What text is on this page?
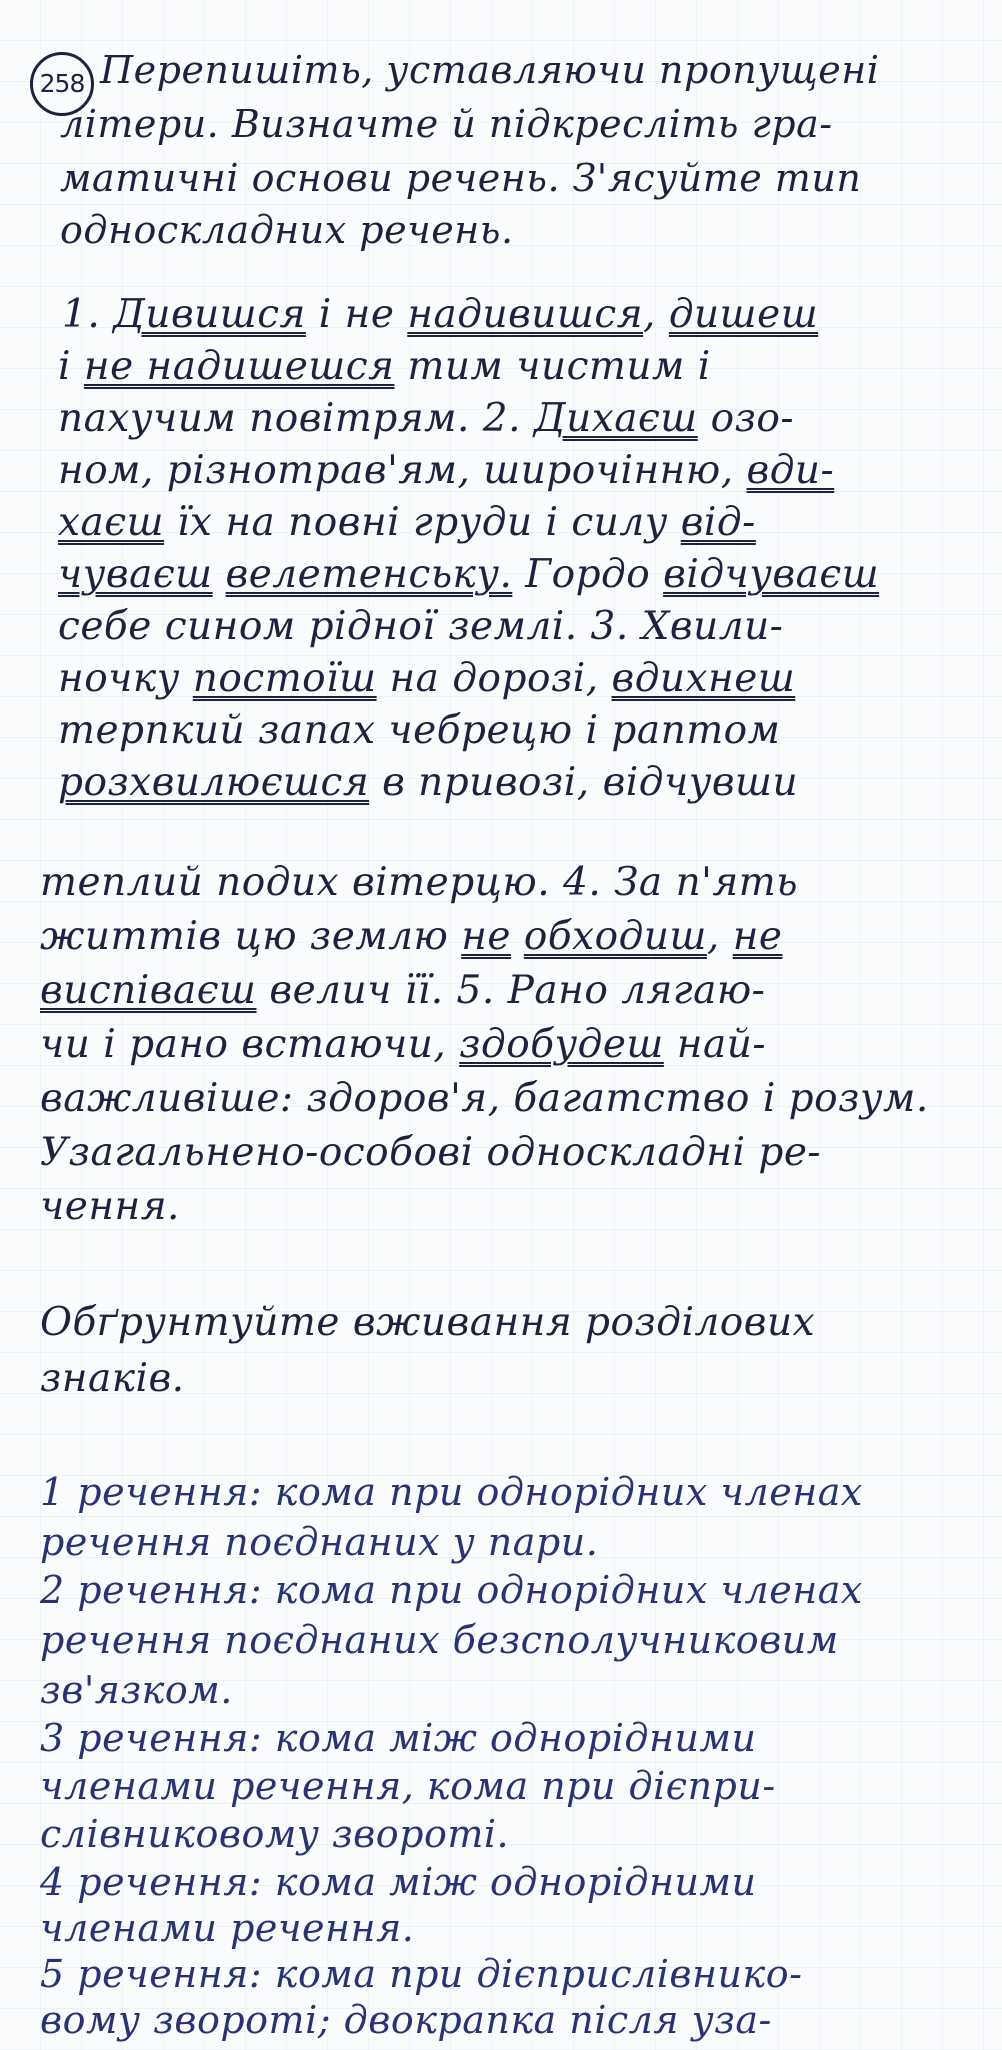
258 Перепишіть, уставляючи пропущені
літери. Визначте й підкресліть гра-
матичні основи речень. З'ясуйте тип
односкладних речень.
1. Дивишся і не надивишся, дишеш
і не надишешся тим чистим і
пахучим повітрям. 2. Дихаєш озо-
ном, різнотрав'ям, широчінню, вди-
хаєш їх на повні груди і силу від-
чуваєш велетенську. Гордо відчуваєш
себе сином рідної землі. 3. Хвили-
ночку постоїш на дорозі, вдихнеш
терпкий запах чебрецю і раптом
розхвилюєшся в привозі, відчувши
теплий подих вітерцю. 4. За п'ять
життів цю землю не обходиш, не
виспіваєш велич її. 5. Рано лягаю-
чи і рано встаючи, здобудеш най-
важливіше: здоров'я, багатство і розум.
Узагальнено-особові односкладні ре-
чення.
Обґрунтуйте вживання розділових
знаків.
1 речення: кома при однорідних членах
речення поєднаних у пари.
2 речення: кома при однорідних членах
речення поєднаних безсполучниковим
зв'язком.
3 речення: кома між однорідними
членами речення, кома при дієпри-
слівниковому звороті.
4 речення: кома між однорідними
членами речення.
5 речення: кома при дієприслівнико-
вому звороті; двокрапка після уза-
